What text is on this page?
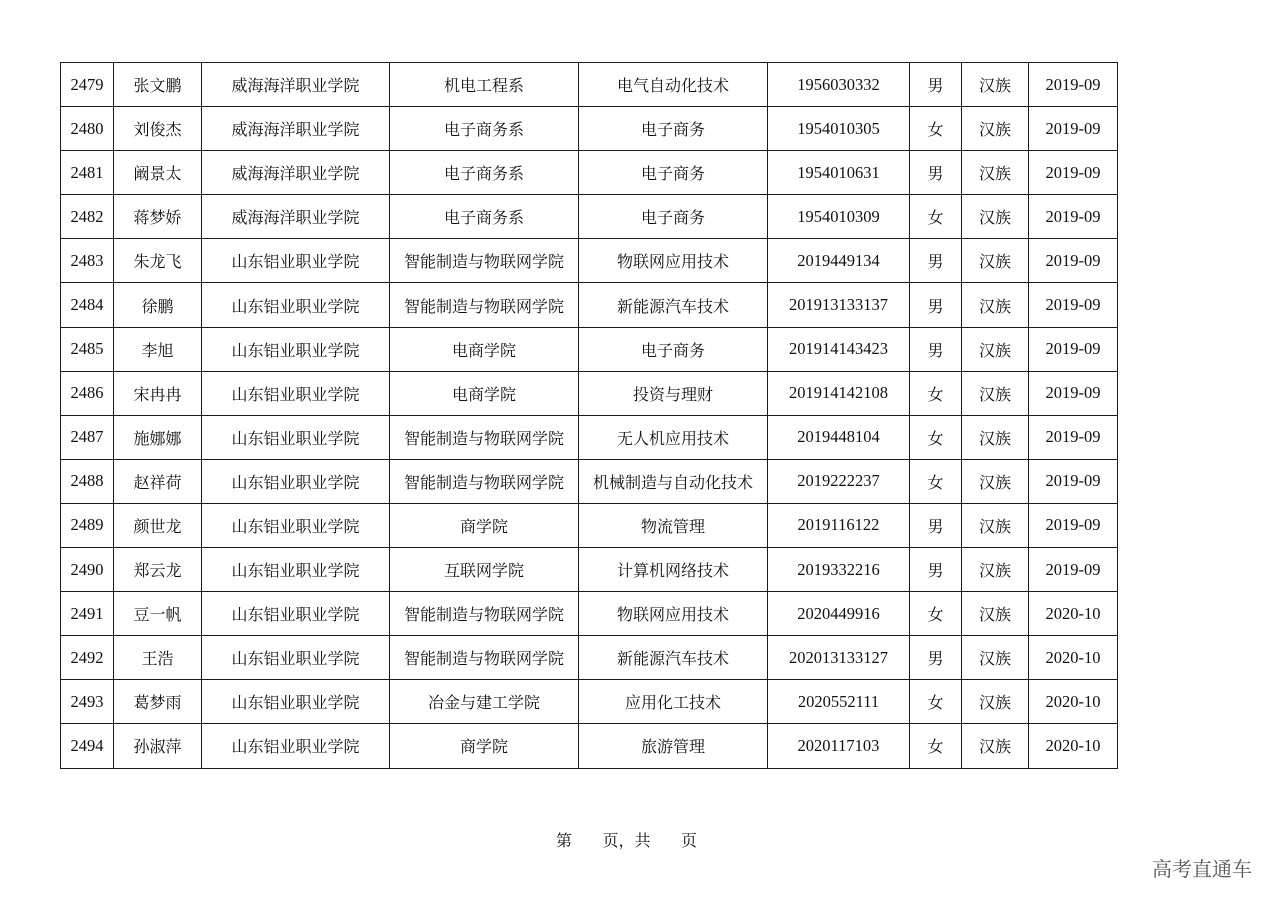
2479	张文鹏	威海海洋职业学院	机电工程系	电气自动化技术	1956030332	男	汉族	2019-09
2480	刘俊杰	威海海洋职业学院	电子商务系	电子商务	1954010305	女	汉族	2019-09
2481	阚景太	威海海洋职业学院	电子商务系	电子商务	1954010631	男	汉族	2019-09
2482	蒋梦娇	威海海洋职业学院	电子商务系	电子商务	1954010309	女	汉族	2019-09
2483	朱龙飞	山东铝业职业学院	智能制造与物联网学院	物联网应用技术	2019449134	男	汉族	2019-09
2484	徐鹏	山东铝业职业学院	智能制造与物联网学院	新能源汽车技术	201913133137	男	汉族	2019-09
2485	李旭	山东铝业职业学院	电商学院	电子商务	201914143423	男	汉族	2019-09
2486	宋冉冉	山东铝业职业学院	电商学院	投资与理财	201914142108	女	汉族	2019-09
2487	施娜娜	山东铝业职业学院	智能制造与物联网学院	无人机应用技术	2019448104	女	汉族	2019-09
2488	赵祥荷	山东铝业职业学院	智能制造与物联网学院	机械制造与自动化技术	2019222237	女	汉族	2019-09
2489	颜世龙	山东铝业职业学院	商学院	物流管理	2019116122	男	汉族	2019-09
2490	郑云龙	山东铝业职业学院	互联网学院	计算机网络技术	2019332216	男	汉族	2019-09
2491	豆一帆	山东铝业职业学院	智能制造与物联网学院	物联网应用技术	2020449916	女	汉族	2020-10
2492	王浩	山东铝业职业学院	智能制造与物联网学院	新能源汽车技术	202013133127	男	汉族	2020-10
2493	葛梦雨	山东铝业职业学院	冶金与建工学院	应用化工技术	2020552111	女	汉族	2020-10
2494	孙淑萍	山东铝业职业学院	商学院	旅游管理	2020117103	女	汉族	2020-10
第      页，共      页
高考直通车
